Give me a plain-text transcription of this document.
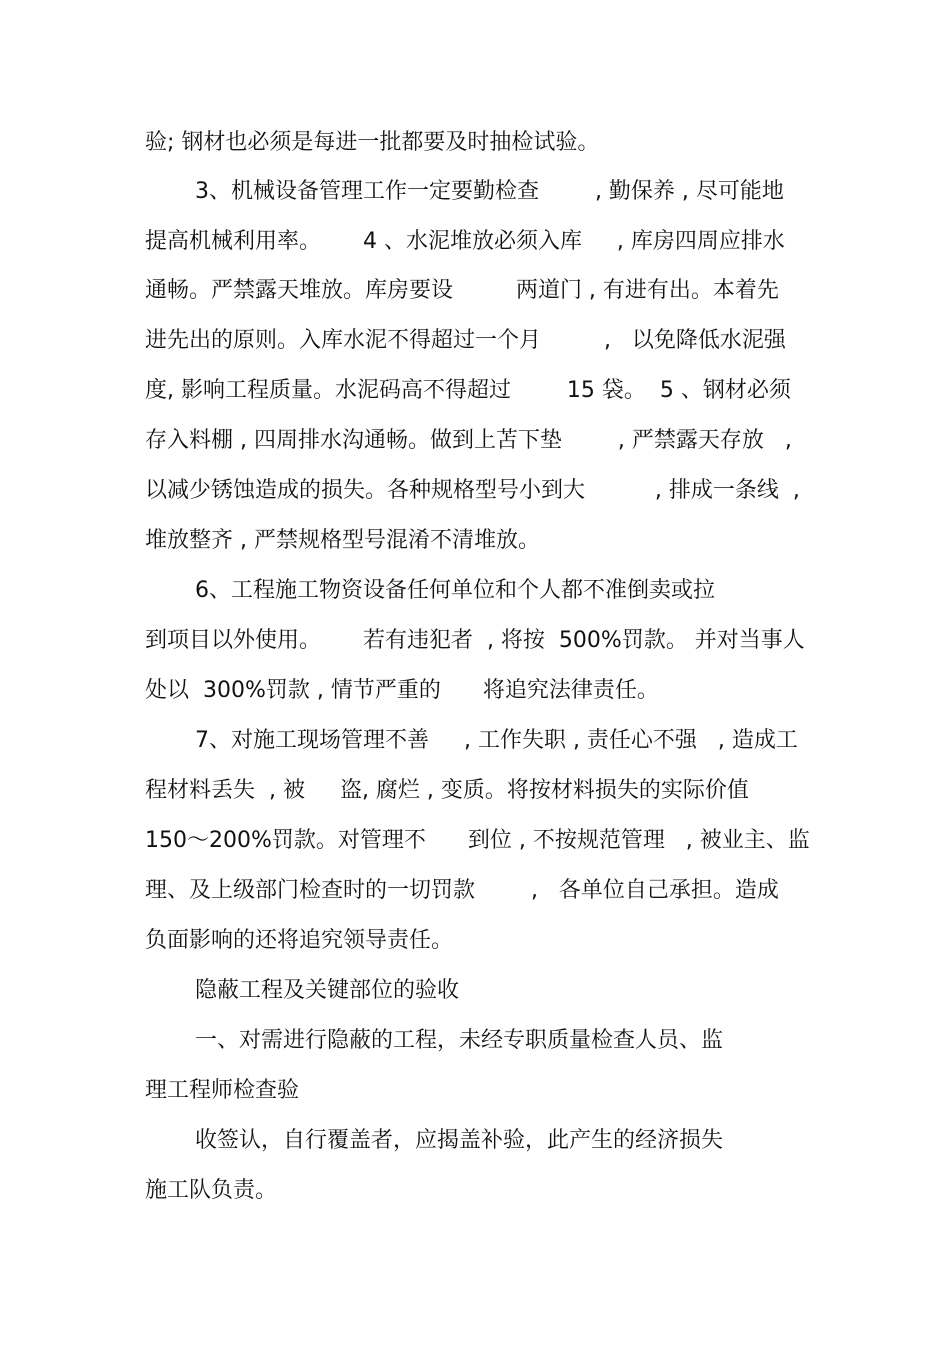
验; 钢材也必须是每进一批都要及时抽检试验。
3、机械设备管理工作一定要勤检查        , 勤保养 , 尽可能地
提高机械利用率。      4 、水泥堆放必须入库     , 库房四周应排水
通畅。严禁露天堆放。库房要设         两道门 , 有进有出。本着先
进先出的原则。入库水泥不得超过一个月         ,   以免降低水泥强
度, 影响工程质量。水泥码高不得超过        15 袋。  5 、钢材必须
存入料棚 , 四周排水沟通畅。做到上苫下垫        , 严禁露天存放   ,
以减少锈蚀造成的损失。各种规格型号小到大          , 排成一条线  ,
堆放整齐 , 严禁规格型号混淆不清堆放。
6、工程施工物资设备任何单位和个人都不准倒卖或拉
到项目以外使用。      若有违犯者  , 将按  500%罚款。 并对当事人
处以  300%罚款 , 情节严重的      将追究法律责任。
7、对施工现场管理不善     , 工作失职 , 责任心不强   , 造成工
程材料丢失  , 被     盗, 腐烂 , 变质。将按材料损失的实际价值
150～200%罚款。对管理不      到位 , 不按规范管理   , 被业主、监
理、及上级部门检查时的一切罚款        ,   各单位自己承担。造成
负面影响的还将追究领导责任。
隐蔽工程及关键部位的验收
一、对需进行隐蔽的工程，未经专职质量检查人员、监
理工程师检查验
收签认，自行覆盖者，应揭盖补验，此产生的经济损失
施工队负责。
